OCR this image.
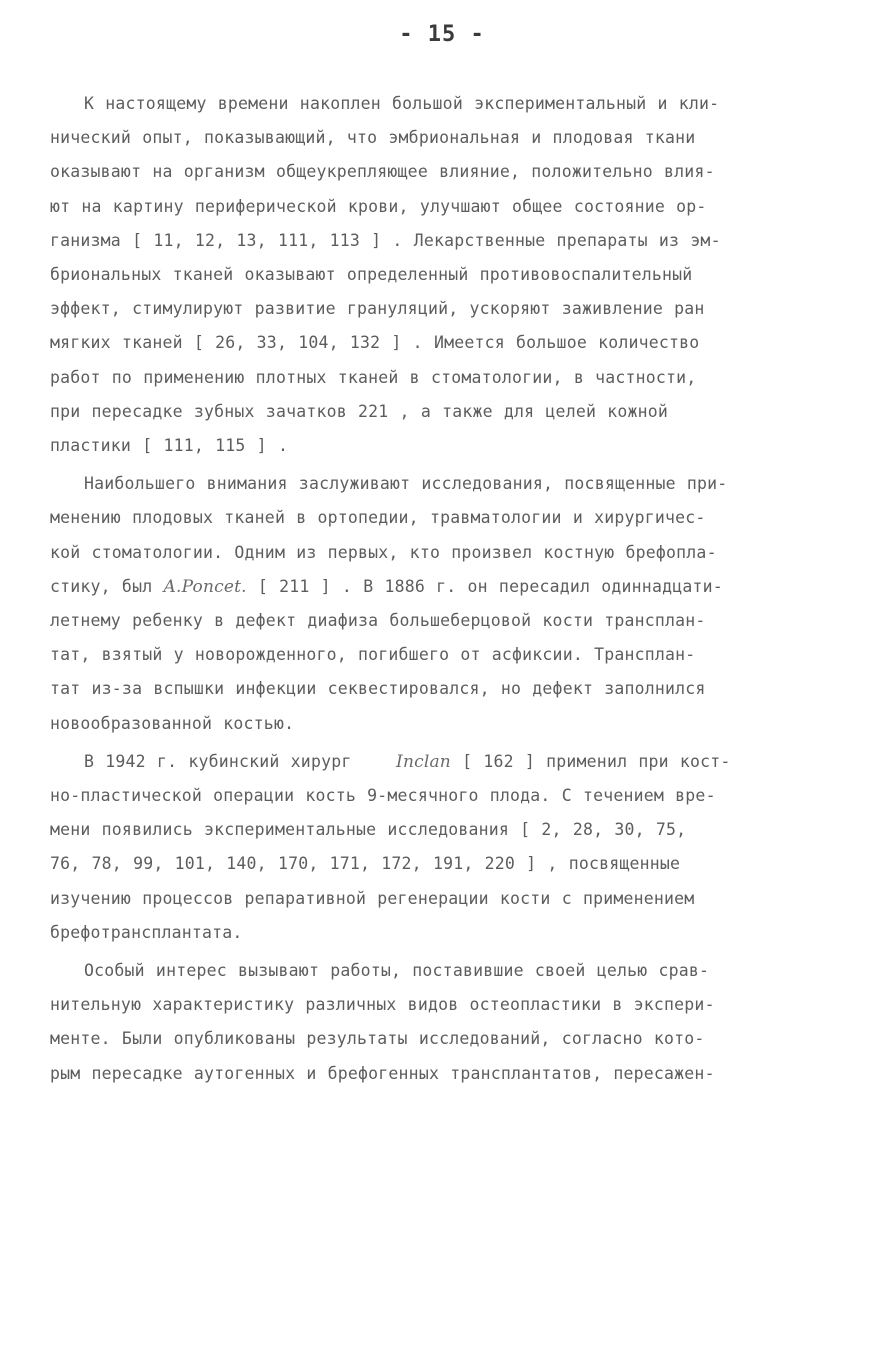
- 15 -
К настоящему времени накоплен большой экспериментальный и кли-
нический опыт, показывающий, что эмбриональная и плодовая ткани
оказывают на организм общеукрепляющее влияние, положительно влия-
ют на картину периферической крови, улучшают общее состояние ор-
ганизма [ 11, 12, 13, 111, 113 ] . Лекарственные препараты из эм-
бриональных тканей оказывают определенный противовоспалительный
эффект, стимулируют развитие грануляций, ускоряют заживление ран
мягких тканей [ 26, 33, 104, 132 ] . Имеется большое количество
работ по применению плотных тканей в стоматологии, в частности,
при пересадке зубных зачатков 221 , а также для целей кожной
пластики [ 111, 115 ] .
Наибольшего внимания заслуживают исследования, посвященные при-
менению плодовых тканей в ортопедии, травматологии и хирургичес-
кой стоматологии. Одним из первых, кто произвел костную брефопла-
стику, был A.Poncet. [ 211 ] . В 1886 г. он пересадил одиннадцати-
летнему ребенку в дефект диафиза большеберцовой кости трансплан-
тат, взятый у новорожденного, погибшего от асфиксии. Трансплан-
тат из-за вспышки инфекции секвестировался, но дефект заполнился
новообразованной костью.
В 1942 г. кубинский хирург	Inclan [ 162 ] применил при кост-
но-пластической операции кость 9-месячного плода. С течением вре-
мени появились экспериментальные исследования [ 2, 28, 30, 75,
76, 78, 99, 101, 140, 170, 171, 172, 191, 220 ] , посвященные
изучению процессов репаративной регенерации кости с применением
брефотрансплантата.
Особый интерес вызывают работы, поставившие своей целью срав-
нительную характеристику различных видов остеопластики в экспери-
менте. Были опубликованы результаты исследований, согласно кото-
рым пересадке аутогенных и брефогенных трансплантатов, пересажен-
